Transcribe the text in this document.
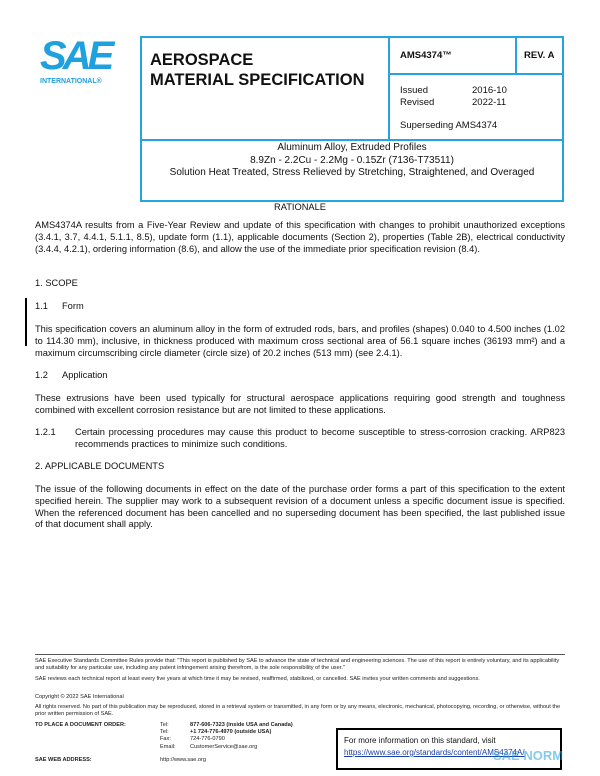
SAE
INTERNATIONAL®
AEROSPACE
MATERIAL SPECIFICATION
AMS4374™	REV. A
Issued	2016-10
Revised	2022-11
Superseding AMS4374
Aluminum Alloy, Extruded Profiles
8.9Zn - 2.2Cu - 2.2Mg - 0.15Zr (7136-T73511)
Solution Heat Treated, Stress Relieved by Stretching, Straightened, and Overaged
RATIONALE
AMS4374A results from a Five-Year Review and update of this specification with changes to prohibit unauthorized exceptions (3.4.1, 3.7, 4.4.1, 5.1.1, 8.5), update form (1.1), applicable documents (Section 2), properties (Table 2B), electrical conductivity (3.4.4, 4.2.1), ordering information (8.6), and allow the use of the immediate prior specification revision (8.4).
1. SCOPE
1.1 Form
This specification covers an aluminum alloy in the form of extruded rods, bars, and profiles (shapes) 0.040 to 4.500 inches (1.02 to 114.30 mm), inclusive, in thickness produced with maximum cross sectional area of 56.1 square inches (36193 mm²) and a maximum circumscribing circle diameter (circle size) of 20.2 inches (513 mm) (see 2.4.1).
1.2 Application
These extrusions have been used typically for structural aerospace applications requiring good strength and toughness combined with excellent corrosion resistance but are not limited to these applications.
1.2.1 Certain processing procedures may cause this product to become susceptible to stress-corrosion cracking. ARP823 recommends practices to minimize such conditions.
2. APPLICABLE DOCUMENTS
The issue of the following documents in effect on the date of the purchase order forms a part of this specification to the extent specified herein. The supplier may work to a subsequent revision of a document unless a specific document issue is specified. When the referenced document has been cancelled and no superseding document has been specified, the last published issue of that document shall apply.
SAE Executive Standards Committee Rules provide that: "This report is published by SAE to advance the state of technical and engineering sciences. The use of this report is entirely voluntary, and its applicability and suitability for any particular use, including any patent infringement arising therefrom, is the sole responsibility of the user."
SAE reviews each technical report at least every five years at which time it may be revised, reaffirmed, stabilized, or cancelled. SAE invites your written comments and suggestions.
Copyright © 2022 SAE International
All rights reserved. No part of this publication may be reproduced, stored in a retrieval system or transmitted, in any form or by any means, electronic, mechanical, photocopying, recording, or otherwise, without the prior written permission of SAE.
TO PLACE A DOCUMENT ORDER:	Tel:	877-606-7323 (inside USA and Canada)
Tel:	+1 724-776-4970 (outside USA)
Fax:	724-776-0790
Email:	CustomerService@sae.org
SAE WEB ADDRESS:	http://www.sae.org
For more information on this standard, visit
https://www.sae.org/standards/content/AMS4374A/
SAE NORM
